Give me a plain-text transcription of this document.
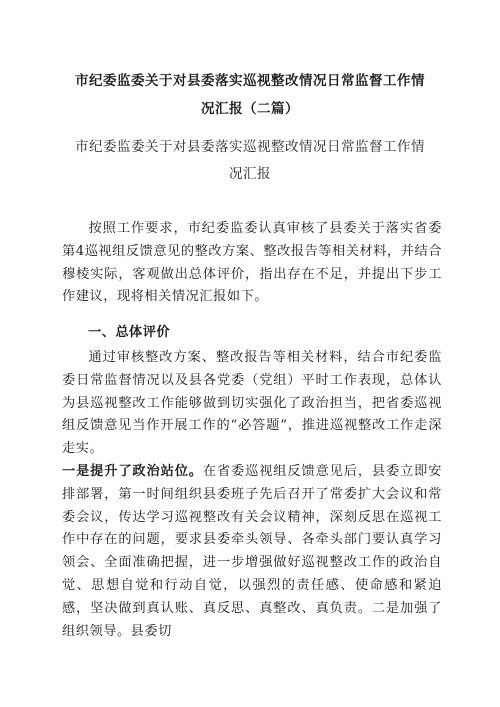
市纪委监委关于对县委落实巡视整改情况日常监督工作情
况汇报（二篇）
市纪委监委关于对县委落实巡视整改情况日常监督工作情
况汇报
按照工作要求，市纪委监委认真审核了县委关于落实省委第4巡视组反馈意见的整改方案、整改报告等相关材料，并结合穆棱实际，客观做出总体评价，指出存在不足，并提出下步工作建议，现将相关情况汇报如下。
一、总体评价
通过审核整改方案、整改报告等相关材料，结合市纪委监委日常监督情况以及县各党委（党组）平时工作表现，总体认为县巡视整改工作能够做到切实强化了政治担当，把省委巡视组反馈意见当作开展工作的“必答题”，推进巡视整改工作走深走实。
一是提升了政治站位。在省委巡视组反馈意见后，县委立即安排部署，第一时间组织县委班子先后召开了常委扩大会议和常委会议，传达学习巡视整改有关会议精神，深刻反思在巡视工作中存在的问题，要求县委牵头领导、各牵头部门要认真学习领会、全面准确把握，进一步增强做好巡视整改工作的政治自觉、思想自觉和行动自觉，以强烈的责任感、使命感和紧迫感，坚决做到真认账、真反思、真整改、真负责。二是加强了组织领导。县委切
